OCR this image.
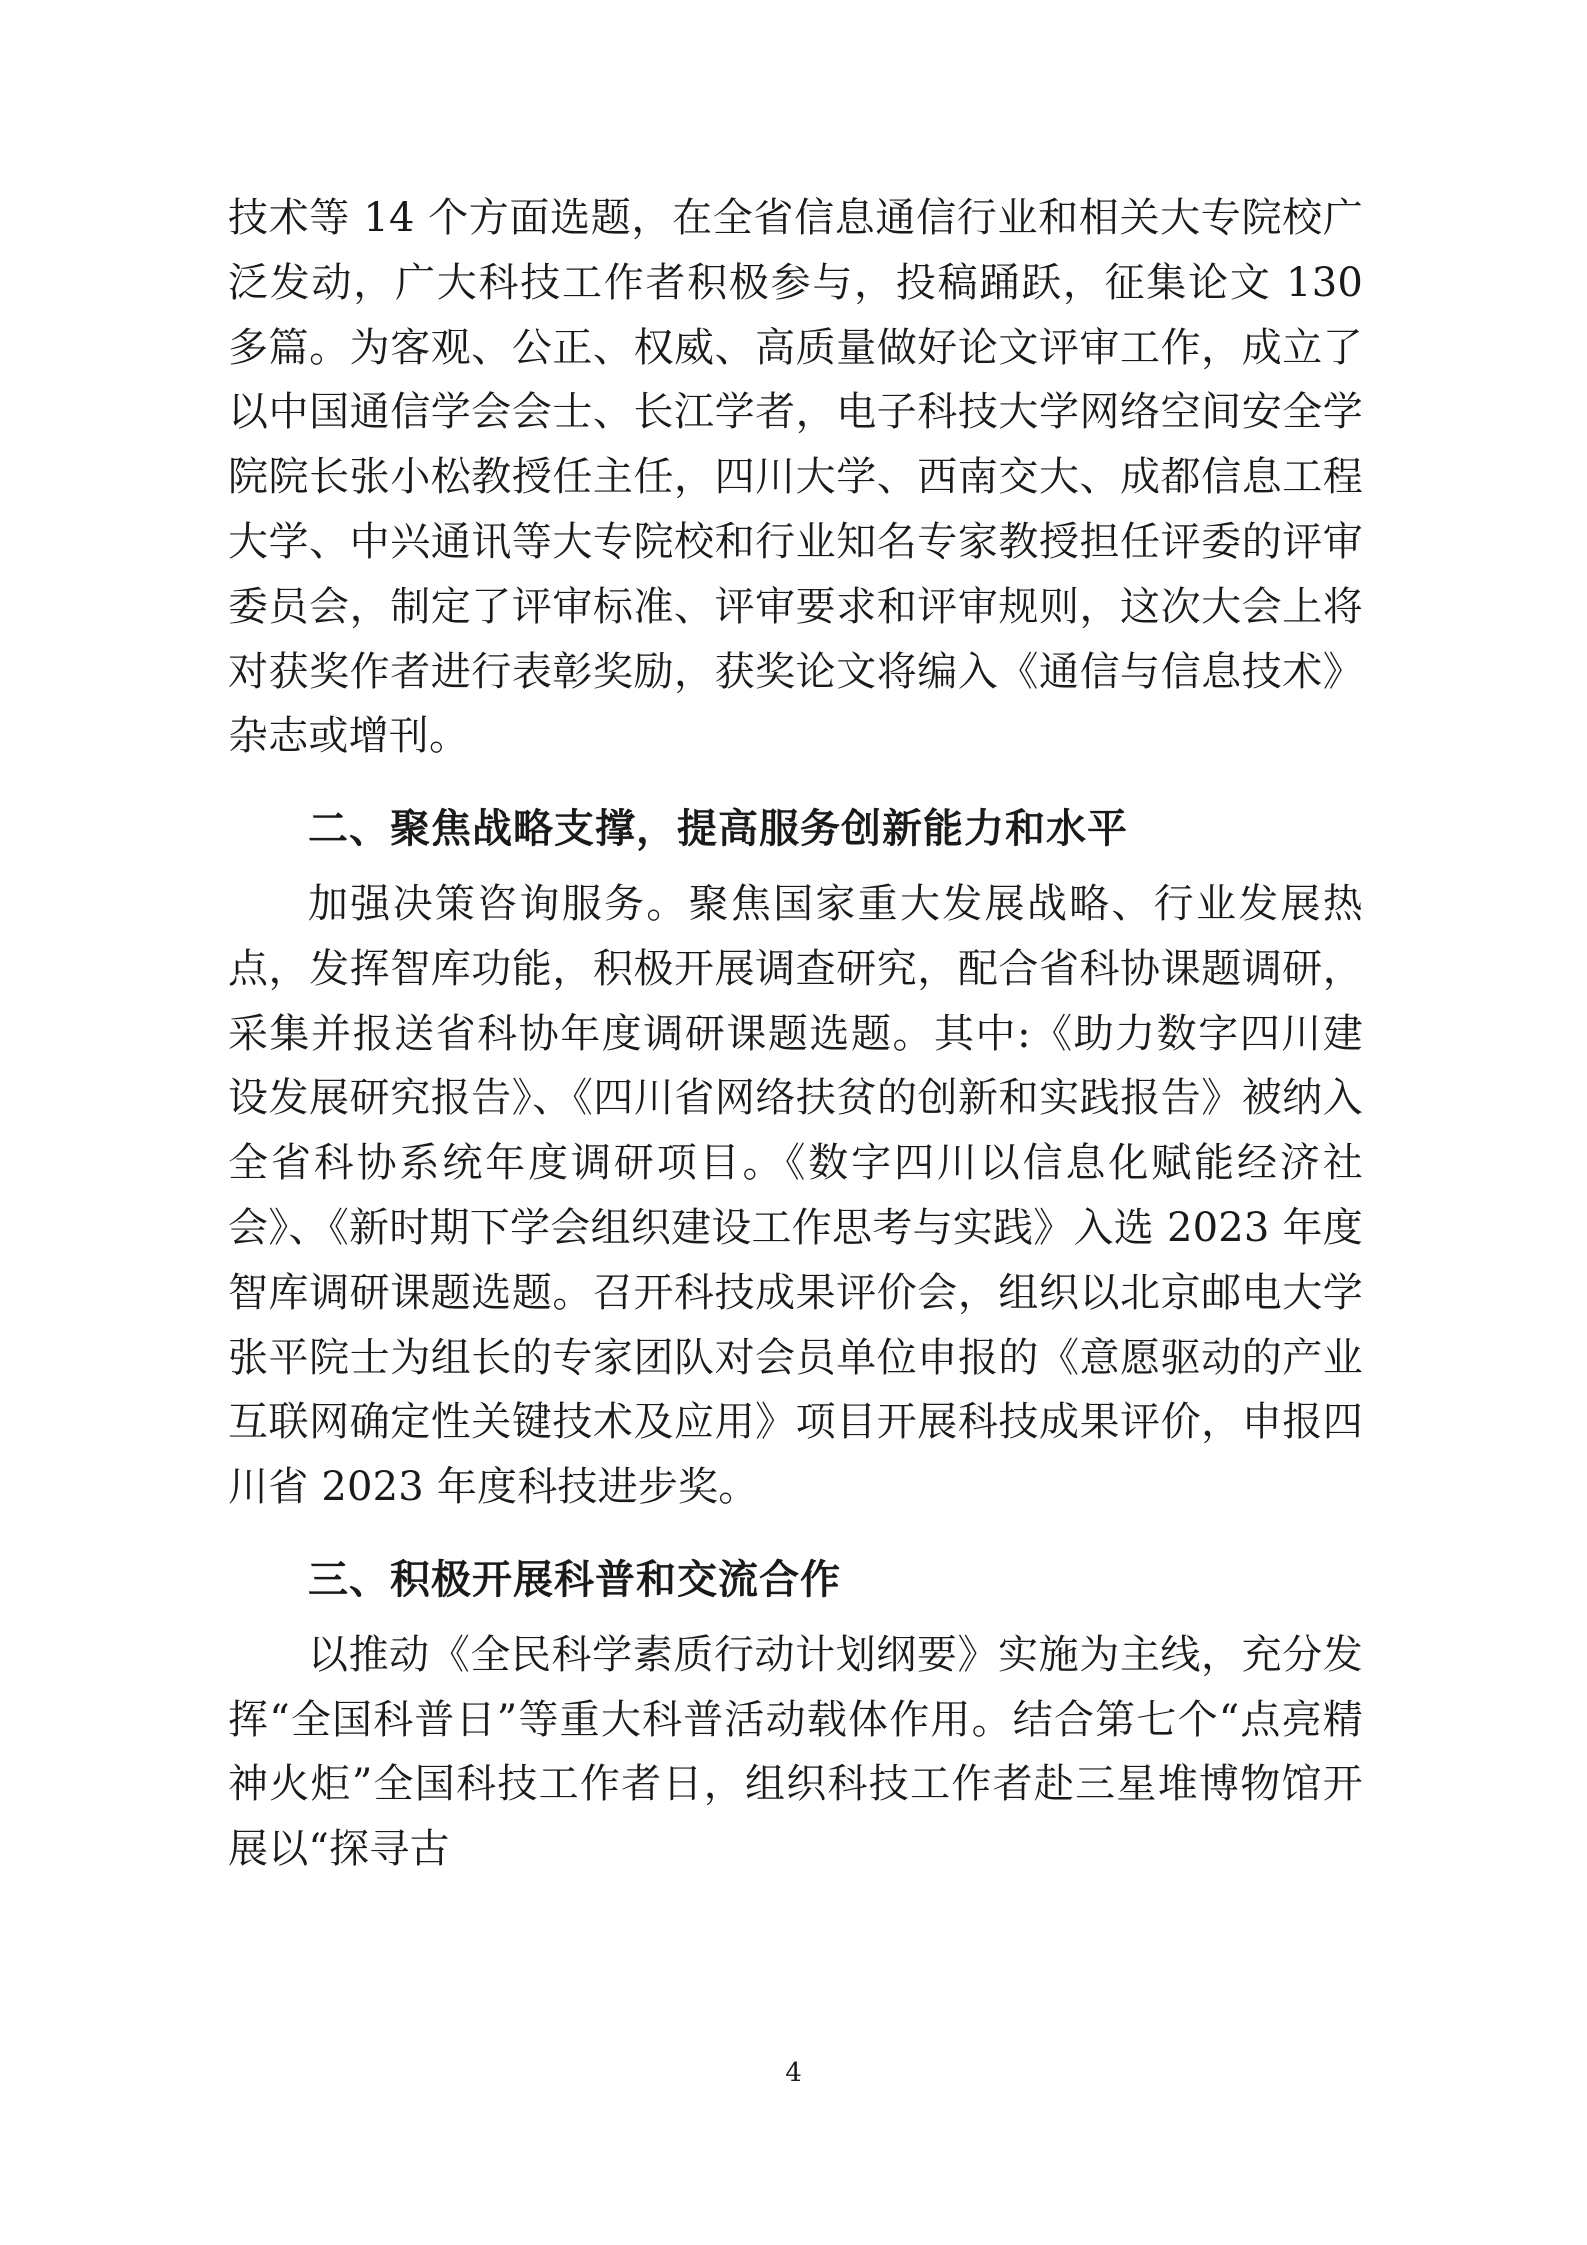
技术等 14 个方面选题，在全省信息通信行业和相关大专院校广泛发动，广大科技工作者积极参与，投稿踊跃，征集论文 130 多篇。为客观、公正、权威、高质量做好论文评审工作，成立了以中国通信学会会士、长江学者，电子科技大学网络空间安全学院院长张小松教授任主任，四川大学、西南交大、成都信息工程大学、中兴通讯等大专院校和行业知名专家教授担任评委的评审委员会，制定了评审标准、评审要求和评审规则，这次大会上将对获奖作者进行表彰奖励，获奖论文将编入《通信与信息技术》杂志或增刊。

二、聚焦战略支撑，提高服务创新能力和水平

加强决策咨询服务。聚焦国家重大发展战略、行业发展热点，发挥智库功能，积极开展调查研究，配合省科协课题调研，采集并报送省科协年度调研课题选题。其中:《助力数字四川建设发展研究报告》、《四川省网络扶贫的创新和实践报告》被纳入全省科协系统年度调研项目。《数字四川以信息化赋能经济社会》、《新时期下学会组织建设工作思考与实践》入选 2023 年度智库调研课题选题。召开科技成果评价会，组织以北京邮电大学张平院士为组长的专家团队对会员单位申报的《意愿驱动的产业互联网确定性关键技术及应用》项目开展科技成果评价，申报四川省 2023 年度科技进步奖。

三、积极开展科普和交流合作

以推动《全民科学素质行动计划纲要》实施为主线，充分发挥“全国科普日”等重大科普活动载体作用。结合第七个“点亮精神火炬”全国科技工作者日，组织科技工作者赴三星堆博物馆开展以“探寻古

4
